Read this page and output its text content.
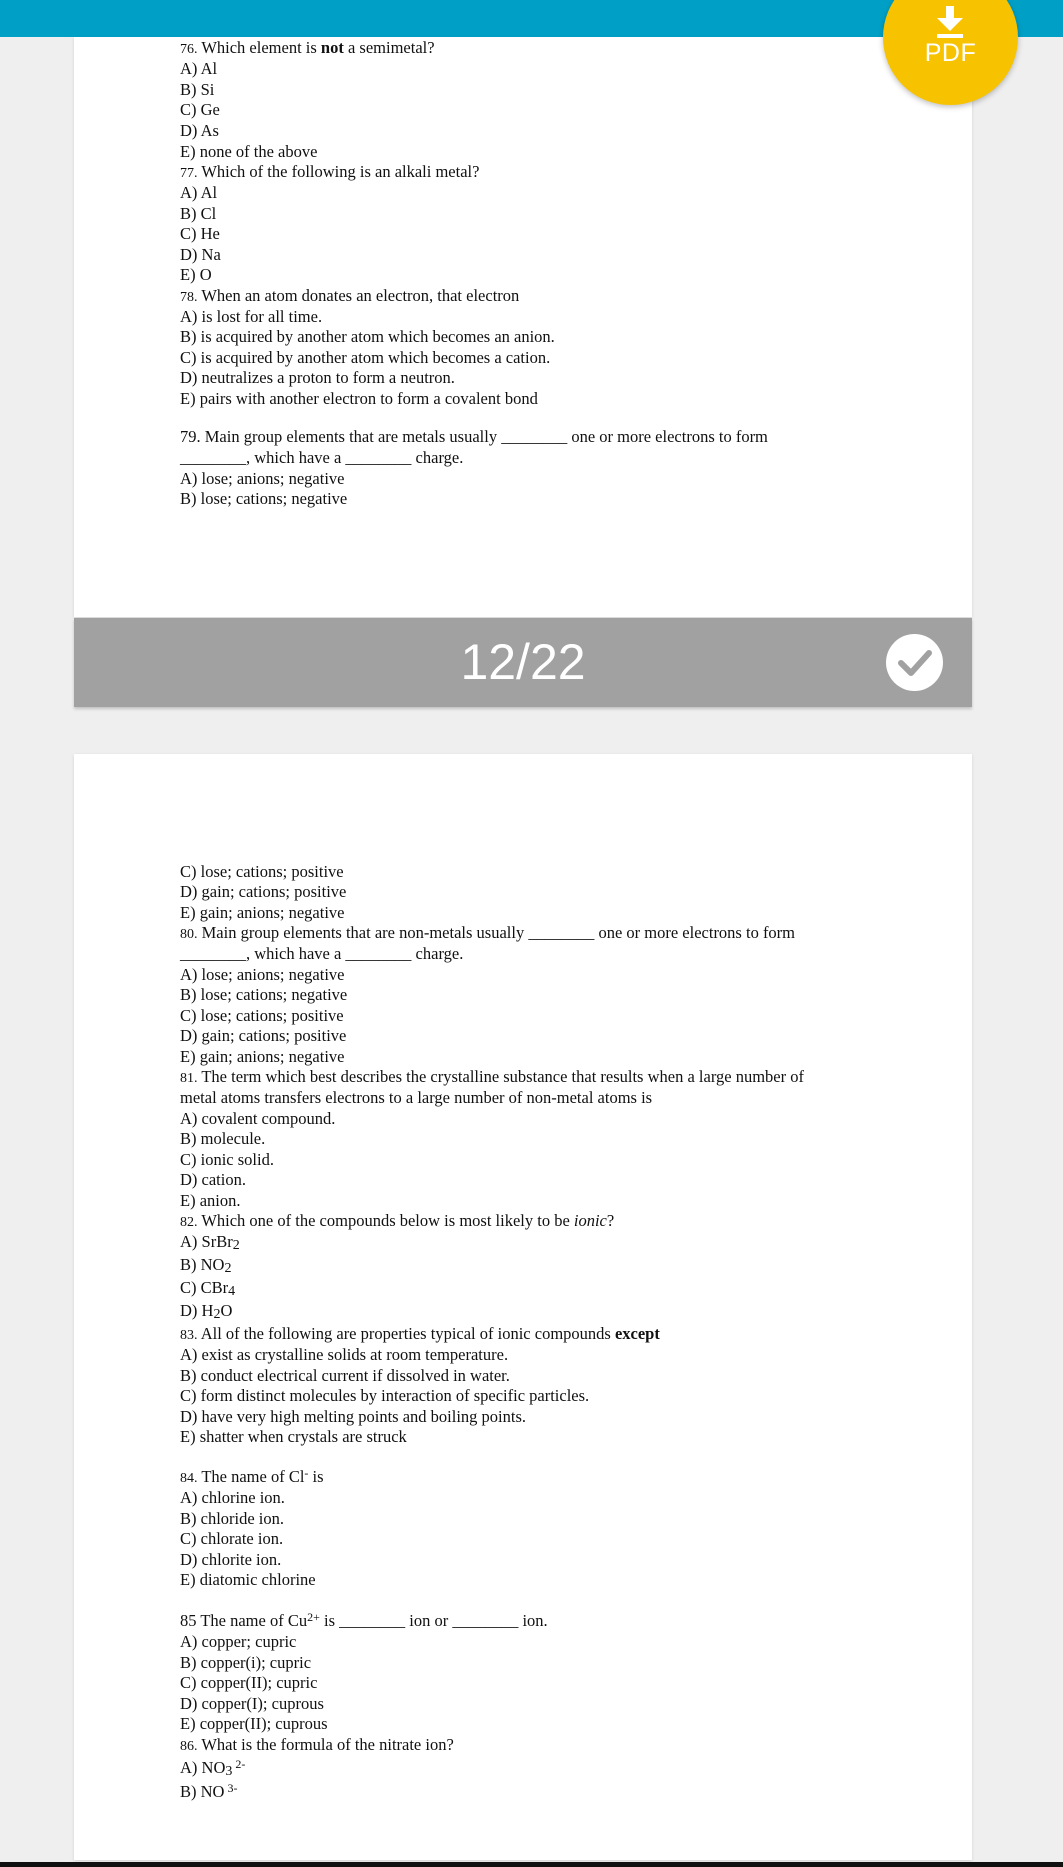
76. Which element is not a semimetal?
A) Al
B) Si
C) Ge
D) As
E) none of the above
77. Which of the following is an alkali metal?
A) Al
B) Cl
C) He
D) Na
E) O
78. When an atom donates an electron, that electron
A) is lost for all time.
B) is acquired by another atom which becomes an anion.
C) is acquired by another atom which becomes a cation.
D) neutralizes a proton to form a neutron.
E) pairs with another electron to form a covalent bond
79. Main group elements that are metals usually ________ one or more electrons to form
________, which have a ________ charge.
A) lose; anions; negative
B) lose; cations; negative
12/22
C) lose; cations; positive
D) gain; cations; positive
E) gain; anions; negative
80. Main group elements that are non-metals usually ________ one or more electrons to form
________, which have a ________ charge.
A) lose; anions; negative
B) lose; cations; negative
C) lose; cations; positive
D) gain; cations; positive
E) gain; anions; negative
81. The term which best describes the crystalline substance that results when a large number of
metal atoms transfers electrons to a large number of non-metal atoms is
A) covalent compound.
B) molecule.
C) ionic solid.
D) cation.
E) anion.
82. Which one of the compounds below is most likely to be ionic?
A) SrBr$_2$
B) $NO_2$
C) CBr$_4$
D) $H_2O$
83. All of the following are properties typical of ionic compounds except
A) exist as crystalline solids at room temperature.
B) conduct electrical current if dissolved in water.
C) form distinct molecules by interaction of specific particles.
D) have very high melting points and boiling points.
E) shatter when crystals are struck
84. The name of Cl- is
A) chlorine ion.
B) chloride ion.
C) chlorate ion.
D) chlorite ion.
E) diatomic chlorine
85 The name of $Cu^{2+}$ is ________ ion or ________ ion.
A) copper; cupric
B) copper(i); cupric
C) copper(II); cupric
D) copper(I); cuprous
E) copper(II); cuprous
86. What is the formula of the nitrate ion?
A) $NO_3$ $^{2-}$
B) NO $^{3-}$
PDF
